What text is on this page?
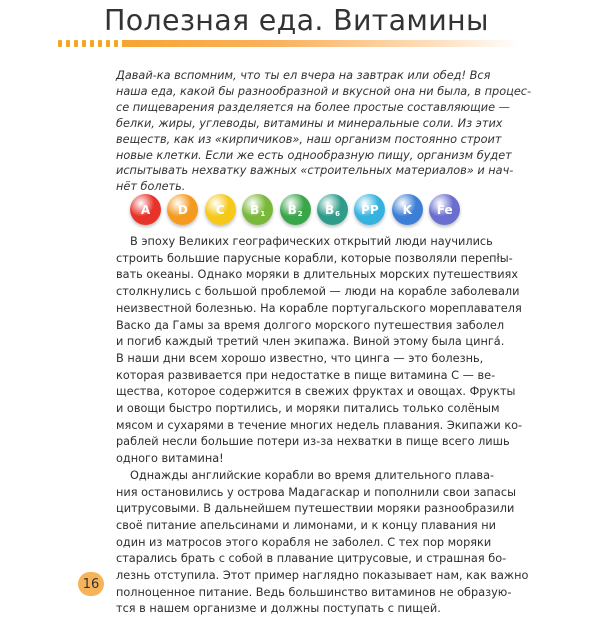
Полезная еда. Витамины
Давай-ка вспомним, что ты ел вчера на завтрак или обед! Вся
наша еда, какой бы разнообразной и вкусной она ни была, в процес-
се пищеварения разделяется на более простые составляющие —
белки, жиры, углеводы, витамины и минеральные соли. Из этих
веществ, как из «кирпичиков», наш организм постоянно строит
новые клетки. Если же есть однообразную пищу, организм будет
испытывать нехватку важных «строительных материалов» и нач-
нёт болеть.
A D C $B_1$ $B_2$ $B_6$ PP K Fe
В эпоху Великих географических открытий люди научились
строить большие парусные корабли, которые позволяли перепłы-
вать океаны. Однако моряки в длительных морских путешествиях
столкнулись с большой проблемой — люди на корабле заболевали
неизвестной болезнью. На корабле португальского мореплавателя
Васко да Гамы за время долгого морского путешествия заболел
и погиб каждый третий член экипажа. Виной этому была цинга́.
В наши дни всем хорошо известно, что цинга — это болезнь,
которая развивается при недостатке в пище витамина С — ве-
щества, которое содержится в свежих фруктах и овощах. Фрукты
и овощи быстро портились, и моряки питались только солёным
мясом и сухарями в течение многих недель плавания. Экипажи ко-
раблей несли большие потери из-за нехватки в пище всего лишь
одного витамина!
Однажды английские корабли во время длительного плава-
ния остановились у острова Мадагаскар и пополнили свои запасы
цитрусовыми. В дальнейшем путешествии моряки разнообразили
своё питание апельсинами и лимонами, и к концу плавания ни
один из матросов этого корабля не заболел. С тех пор моряки
старались брать с собой в плавание цитрусовые, и страшная бо-
лезнь отступила. Этот пример наглядно показывает нам, как важно
полноценное питание. Ведь большинство витаминов не образую-
тся в нашем организме и должны поступать с пищей.
16
